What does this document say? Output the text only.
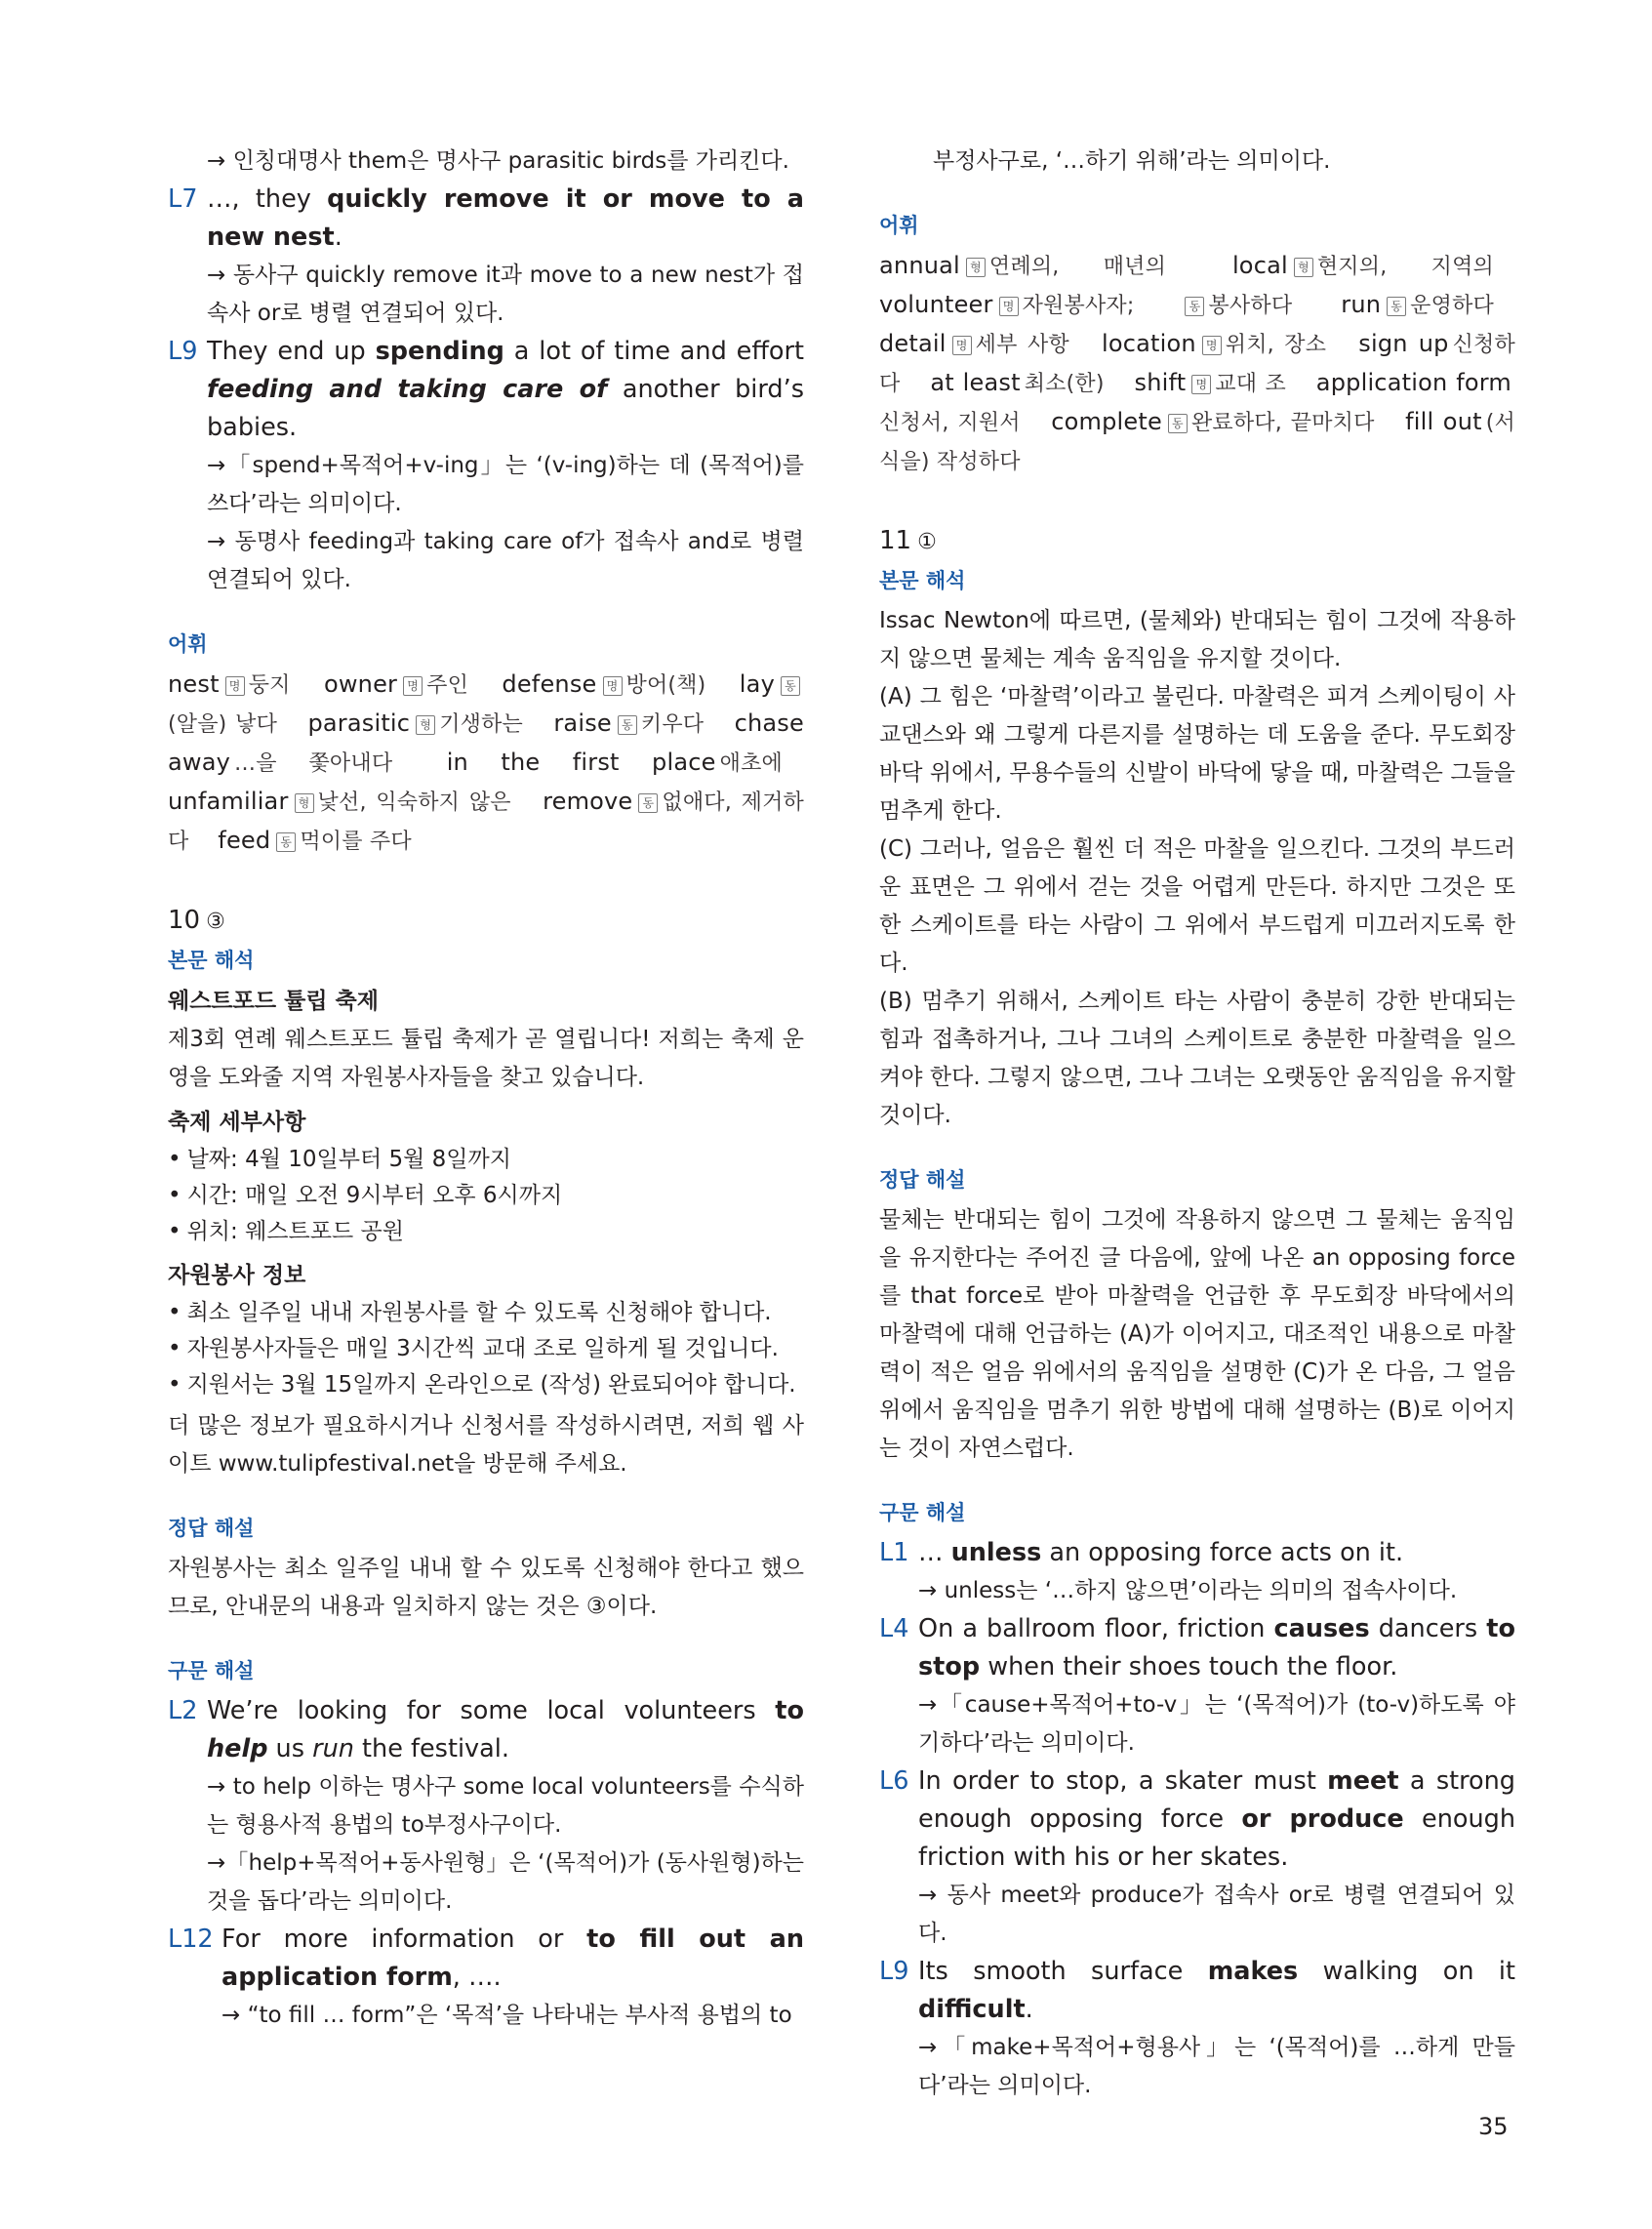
→ 인칭대명사 them은 명사구 parasitic birds를 가리킨다.

L7 …, they quickly remove it or move to a new nest.

→ 동사구 quickly remove it과 move to a new nest가 접속사 or로 병렬 연결되어 있다.

L9 They end up spending a lot of time and effort feeding and taking care of another bird’s babies.

→「spend+목적어+v-ing」는 ‘(v-ing)하는 데 (목적어)를 쓰다’라는 의미이다.

→ 동명사 feeding과 taking care of가 접속사 and로 병렬 연결되어 있다.

어휘

nest 명 둥지 owner 명 주인 defense 명 방어(책) lay 동(알을) 낳다 parasitic 형 기생하는 raise 동 키우다 chase away …을 쫓아내다 in the first place 애초에 unfamiliar 형 낯선, 익숙하지 않은 remove 동 없애다, 제거하다 feed 동 먹이를 주다

10 ③
본문 해석
웨스트포드 튤립 축제

제3회 연례 웨스트포드 튤립 축제가 곧 열립니다! 저희는 축제 운영을 도와줄 지역 자원봉사자들을 찾고 있습니다.

축제 세부사항
• 날짜: 4월 10일부터 5월 8일까지
• 시간: 매일 오전 9시부터 오후 6시까지
• 위치: 웨스트포드 공원
자원봉사 정보
• 최소 일주일 내내 자원봉사를 할 수 있도록 신청해야 합니다.
• 자원봉사자들은 매일 3시간씩 교대 조로 일하게 될 것입니다.
• 지원서는 3월 15일까지 온라인으로 (작성) 완료되어야 합니다.

더 많은 정보가 필요하시거나 신청서를 작성하시려면, 저희 웹 사이트 www.tulipfestival.net을 방문해 주세요.

정답 해설

자원봉사는 최소 일주일 내내 할 수 있도록 신청해야 한다고 했으므로, 안내문의 내용과 일치하지 않는 것은 ③이다.

구문 해설
L2 We’re looking for some local volunteers to help us run the festival.

→ to help 이하는 명사구 some local volunteers를 수식하는 형용사적 용법의 to부정사구이다.

→「help+목적어+동사원형」은 ‘(목적어)가 (동사원형)하는 것을 돕다’라는 의미이다.

L12 For more information or to fill out an application form, ….

→ “to fill … form”은 ‘목적’을 나타내는 부사적 용법의 to

부정사구로, ‘…하기 위해’라는 의미이다.

어휘

annual 형 연례의, 매년의	local 형 현지의, 지역의 volunteer 명 자원봉사자;	동 봉사하다 run 동 운영하다 detail 명 세부 사항 location 명 위치, 장소 sign up 신청하다 at least 최소(한) shift 명 교대 조 application form신청서, 지원서 complete 동 완료하다, 끝마치다 fill out (서식을) 작성하다

11 ①
본문 해석

Issac Newton에 따르면, (물체와) 반대되는 힘이 그것에 작용하지 않으면 물체는 계속 움직임을 유지할 것이다.

(A) 그 힘은 ‘마찰력’이라고 불린다. 마찰력은 피겨 스케이팅이 사교댄스와 왜 그렇게 다른지를 설명하는 데 도움을 준다. 무도회장 바닥 위에서, 무용수들의 신발이 바닥에 닿을 때, 마찰력은 그들을 멈추게 한다.

(C) 그러나, 얼음은 훨씬 더 적은 마찰을 일으킨다. 그것의 부드러운 표면은 그 위에서 걷는 것을 어렵게 만든다. 하지만 그것은 또한 스케이트를 타는 사람이 그 위에서 부드럽게 미끄러지도록 한다.

(B) 멈추기 위해서, 스케이트 타는 사람이 충분히 강한 반대되는 힘과 접촉하거나, 그나 그녀의 스케이트로 충분한 마찰력을 일으켜야 한다. 그렇지 않으면, 그나 그녀는 오랫동안 움직임을 유지할 것이다.

정답 해설

물체는 반대되는 힘이 그것에 작용하지 않으면 그 물체는 움직임을 유지한다는 주어진 글 다음에, 앞에 나온 an opposing force를 that force로 받아 마찰력을 언급한 후 무도회장 바닥에서의 마찰력에 대해 언급하는 (A)가 이어지고, 대조적인 내용으로 마찰력이 적은 얼음 위에서의 움직임을 설명한 (C)가 온 다음, 그 얼음 위에서 움직임을 멈추기 위한 방법에 대해 설명하는 (B)로 이어지는 것이 자연스럽다.

구문 해설
L1 … unless an opposing force acts on it.

→ unless는 ‘…하지 않으면’이라는 의미의 접속사이다.

L4 On a ballroom floor, friction causes dancers to stop when their shoes touch the floor.

→「cause+목적어+to-v」는 ‘(목적어)가 (to-v)하도록 야기하다’라는 의미이다.

L6 In order to stop, a skater must meet a strong enough opposing force or produce enough friction with his or her skates.

→ 동사 meet와 produce가 접속사 or로 병렬 연결되어 있다.

L9 Its smooth surface makes walking on it difficult.

→「make+목적어+형용사」는 ‘(목적어)를 …하게 만들다’라는 의미이다.

35
